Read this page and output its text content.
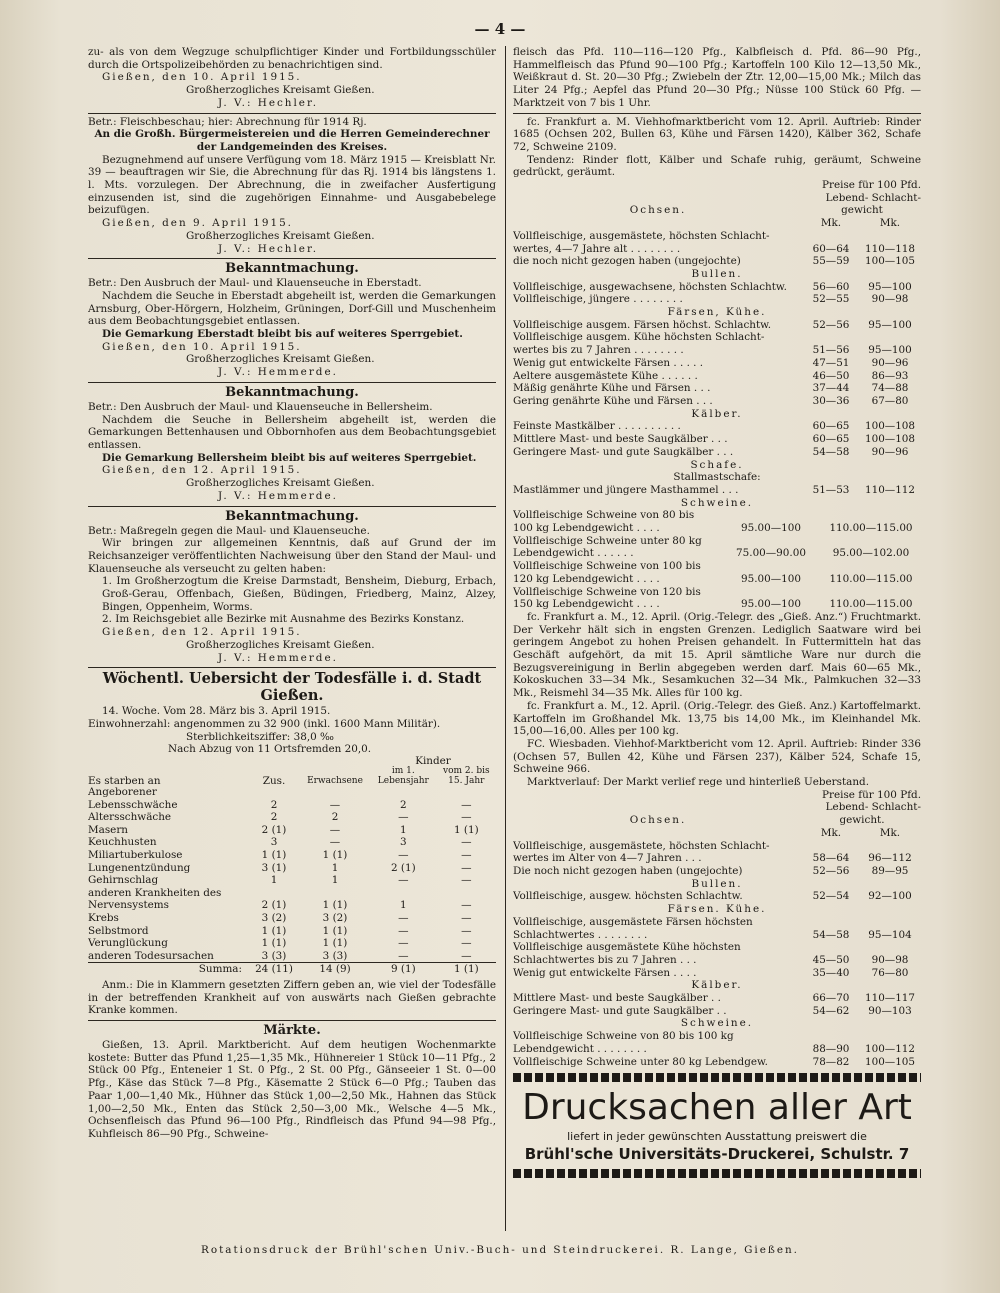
— 4 —

zu- als von dem Wegzuge schulpflichtiger Kinder und Fortbildungsschüler durch die Ortspolizeibehörden zu benachrichtigen sind.

Gießen, den 10. April 1915.

Großherzogliches Kreisamt Gießen.

J. V.: Hechler.

Betr.: Fleischbeschau; hier: Abrechnung für 1914 Rj.

An die Großh. Bürgermeistereien und die Herren Gemeinderechner der Landgemeinden des Kreises.

Bezugnehmend auf unsere Verfügung vom 18. März 1915 — Kreisblatt Nr. 39 — beauftragen wir Sie, die Abrechnung für das Rj. 1914 bis längstens 1. l. Mts. vorzulegen. Der Abrechnung, die in zweifacher Ausfertigung einzusenden ist, sind die zugehörigen Einnahme- und Ausgabebelege beizufügen.

Gießen, den 9. April 1915.

Großherzogliches Kreisamt Gießen.

J. V.: Hechler.

Bekanntmachung.

Betr.: Den Ausbruch der Maul- und Klauenseuche in Eberstadt.

Nachdem die Seuche in Eberstadt abgeheilt ist, werden die Gemarkungen Arnsburg, Ober-Hörgern, Holzheim, Grüningen, Dorf-Gill und Muschenheim aus dem Beobachtungsgebiet entlassen.

Die Gemarkung Eberstadt bleibt bis auf weiteres Sperrgebiet.

Gießen, den 10. April 1915.

Großherzogliches Kreisamt Gießen.

J. V.: Hemmerde.

Bekanntmachung.

Betr.: Den Ausbruch der Maul- und Klauenseuche in Bellersheim.

Nachdem die Seuche in Bellersheim abgeheilt ist, werden die Gemarkungen Bettenhausen und Obbornhofen aus dem Beobachtungsgebiet entlassen.

Die Gemarkung Bellersheim bleibt bis auf weiteres Sperrgebiet.

Gießen, den 12. April 1915.

Großherzogliches Kreisamt Gießen.

J. V.: Hemmerde.

Bekanntmachung.

Betr.: Maßregeln gegen die Maul- und Klauenseuche.

Wir bringen zur allgemeinen Kenntnis, daß auf Grund der im Reichsanzeiger veröffentlichten Nachweisung über den Stand der Maul- und Klauenseuche als verseucht zu gelten haben:

1. Im Großherzogtum die Kreise Darmstadt, Bensheim, Dieburg, Erbach, Groß-Gerau, Offenbach, Gießen, Büdingen, Friedberg, Mainz, Alzey, Bingen, Oppenheim, Worms.

2. Im Reichsgebiet alle Bezirke mit Ausnahme des Bezirks Konstanz.

Gießen, den 12. April 1915.

Großherzogliches Kreisamt Gießen.

J. V.: Hemmerde.

Wöchentl. Uebersicht der Todesfälle i. d. Stadt Gießen.

14. Woche. Vom 28. März bis 3. April 1915.

Einwohnerzahl: angenommen zu 32 900 (inkl. 1600 Mann Militär).

Sterblichkeitsziffer: 38,0 ‰

Nach Abzug von 11 Ortsfremden 20,0.

Es starben an	Zus.	Erwachsene	Kinder	
			im 1. Lebensjahr	vom 2. bis 15. Jahr
Angeborener Lebensschwäche	2	—	2	—
Altersschwäche	2	2	—	—
Masern	2 (1)	—	1	1 (1)
Keuchhusten	3	—	3	—
Miliartuberkulose	1 (1)	1 (1)	—	—
Lungenentzündung	3 (1)	1	2 (1)	—
Gehirnschlag	1	1	—	—
anderen Krankheiten des				
Nervensystems	2 (1)	1 (1)	1	—
Krebs	3 (2)	3 (2)	—	—
Selbstmord	1 (1)	1 (1)	—	—
Verunglückung	1 (1)	1 (1)	—	—
anderen Todesursachen	3 (3)	3 (3)	—	—
Summa:	24 (11)	14 (9)	9 (1)	1 (1)

Anm.: Die in Klammern gesetzten Ziffern geben an, wie viel der Todesfälle in der betreffenden Krankheit auf von auswärts nach Gießen gebrachte Kranke kommen.

Märkte.

Gießen, 13. April. Marktbericht. Auf dem heutigen Wochenmarkte kostete: Butter das Pfund 1,25—1,35 Mk., Hühnereier 1 Stück 10—11 Pfg., 2 Stück 00 Pfg., Enteneier 1 St. 0 Pfg., 2 St. 00 Pfg., Gänseeier 1 St. 0—00 Pfg., Käse das Stück 7—8 Pfg., Käsematte 2 Stück 6—0 Pfg.; Tauben das Paar 1,00—1,40 Mk., Hühner das Stück 1,00—2,50 Mk., Hahnen das Stück 1,00—2,50 Mk., Enten das Stück 2,50—3,00 Mk., Welsche 4—5 Mk., Ochsenfleisch das Pfund 96—100 Pfg., Rindfleisch das Pfund 94—98 Pfg., Kuhfleisch 86—90 Pfg., Schweine-

fleisch das Pfd. 110—116—120 Pfg., Kalbfleisch d. Pfd. 86—90 Pfg., Hammelfleisch das Pfund 90—100 Pfg.; Kartoffeln 100 Kilo 12—13,50 Mk., Weißkraut d. St. 20—30 Pfg.; Zwiebeln der Ztr. 12,00—15,00 Mk.; Milch das Liter 24 Pfg.; Aepfel das Pfund 20—30 Pfg.; Nüsse 100 Stück 60 Pfg. — Marktzeit von 7 bis 1 Uhr.

fc. Frankfurt a. M. Viehhofmarktbericht vom 12. April. Auftrieb: Rinder 1685 (Ochsen 202, Bullen 63, Kühe und Färsen 1420), Kälber 362, Schafe 72, Schweine 2109.

Tendenz: Rinder flott, Kälber und Schafe ruhig, geräumt, Schweine gedrückt, geräumt.

Preise für 100 Pfd.

Lebend- Schlacht-

Ochsen.	gewicht
Mk.	Mk.
Vollfleischige, ausgemästete, höchsten Schlacht-
wertes, 4—7 Jahre alt . . . . . . . .	60—64	110—118
die noch nicht gezogen haben (ungejochte)	55—59	100—105

Bullen.

Vollfleischige, ausgewachsene, höchsten Schlachtw.	56—60	95—100
Vollfleischige, jüngere . . . . . . . .	52—55	90—98

Färsen, Kühe.

Vollfleischige ausgem. Färsen höchst. Schlachtw.	52—56	95—100
Vollfleischige ausgem. Kühe höchsten Schlacht-
wertes bis zu 7 Jahren . . . . . . . .	51—56	95—100
Wenig gut entwickelte Färsen . . . . .	47—51	90—96
Aeltere ausgemästete Kühe . . . . . .	46—50	86—93
Mäßig genährte Kühe und Färsen . . .	37—44	74—88
Gering genährte Kühe und Färsen . . .	30—36	67—80

Kälber.

Feinste Mastkälber . . . . . . . . . .	60—65	100—108
Mittlere Mast- und beste Saugkälber . . .	60—65	100—108
Geringere Mast- und gute Saugkälber . . .	54—58	90—96

Schafe.

Stallmastschafe:

Mastlämmer und jüngere Masthammel . . .	51—53	110—112

Schweine.

Vollfleischige Schweine von 80 bis
100 kg Lebendgewicht . . . .	95.00—100	110.00—115.00
Vollfleischige Schweine unter 80 kg
Lebendgewicht . . . . . .	75.00—90.00	95.00—102.00
Vollfleischige Schweine von 100 bis
120 kg Lebendgewicht . . . .	95.00—100	110.00—115.00
Vollfleischige Schweine von 120 bis
150 kg Lebendgewicht . . . .	95.00—100	110.00—115.00

fc. Frankfurt a. M., 12. April. (Orig.-Telegr. des „Gieß. Anz.“) Fruchtmarkt. Der Verkehr hält sich in engsten Grenzen. Lediglich Saatware wird bei geringem Angebot zu hohen Preisen gehandelt. In Futtermitteln hat das Geschäft aufgehört, da mit 15. April sämtliche Ware nur durch die Bezugsvereinigung in Berlin abgegeben werden darf. Mais 60—65 Mk., Kokoskuchen 33—34 Mk., Sesamkuchen 32—34 Mk., Palmkuchen 32—33 Mk., Reismehl 34—35 Mk. Alles für 100 kg.

fc. Frankfurt a. M., 12. April. (Orig.-Telegr. des Gieß. Anz.) Kartoffelmarkt. Kartoffeln im Großhandel Mk. 13,75 bis 14,00 Mk., im Kleinhandel Mk. 15,00—16,00. Alles per 100 kg.

FC. Wiesbaden. Viehhof-Marktbericht vom 12. April. Auftrieb: Rinder 336 (Ochsen 57, Bullen 42, Kühe und Färsen 237), Kälber 524, Schafe 15, Schweine 966.

Marktverlauf: Der Markt verlief rege und hinterließ Ueberstand.

Preise für 100 Pfd.

Lebend- Schlacht-

Ochsen.	gewicht.
Mk.	Mk.
Vollfleischige, ausgemästete, höchsten Schlacht-
wertes im Alter von 4—7 Jahren . . .	58—64	96—112
Die noch nicht gezogen haben (ungejochte)	52—56	89—95

Bullen.

Vollfleischige, ausgew. höchsten Schlachtw.	52—54	92—100

Färsen. Kühe.

Vollfleischige, ausgemästete Färsen höchsten
Schlachtwertes . . . . . . . .	54—58	95—104
Vollfleischige ausgemästete Kühe höchsten
Schlachtwertes bis zu 7 Jahren . . .	45—50	90—98
Wenig gut entwickelte Färsen . . . .	35—40	76—80

Kälber.

Mittlere Mast- und beste Saugkälber . .	66—70	110—117
Geringere Mast- und gute Saugkälber . .	54—62	90—103

Schweine.

Vollfleischige Schweine von 80 bis 100 kg
Lebendgewicht . . . . . . . .	88—90	100—112
Vollfleischige Schweine unter 80 kg Lebendgew.	78—82	100—105
Drucksachen aller Art
liefert in jeder gewünschten Ausstattung preiswert die
Brühl'sche Universitäts-Druckerei, Schulstr. 7
Rotationsdruck der Brühl'schen Univ.-Buch- und Steindruckerei. R. Lange, Gießen.
